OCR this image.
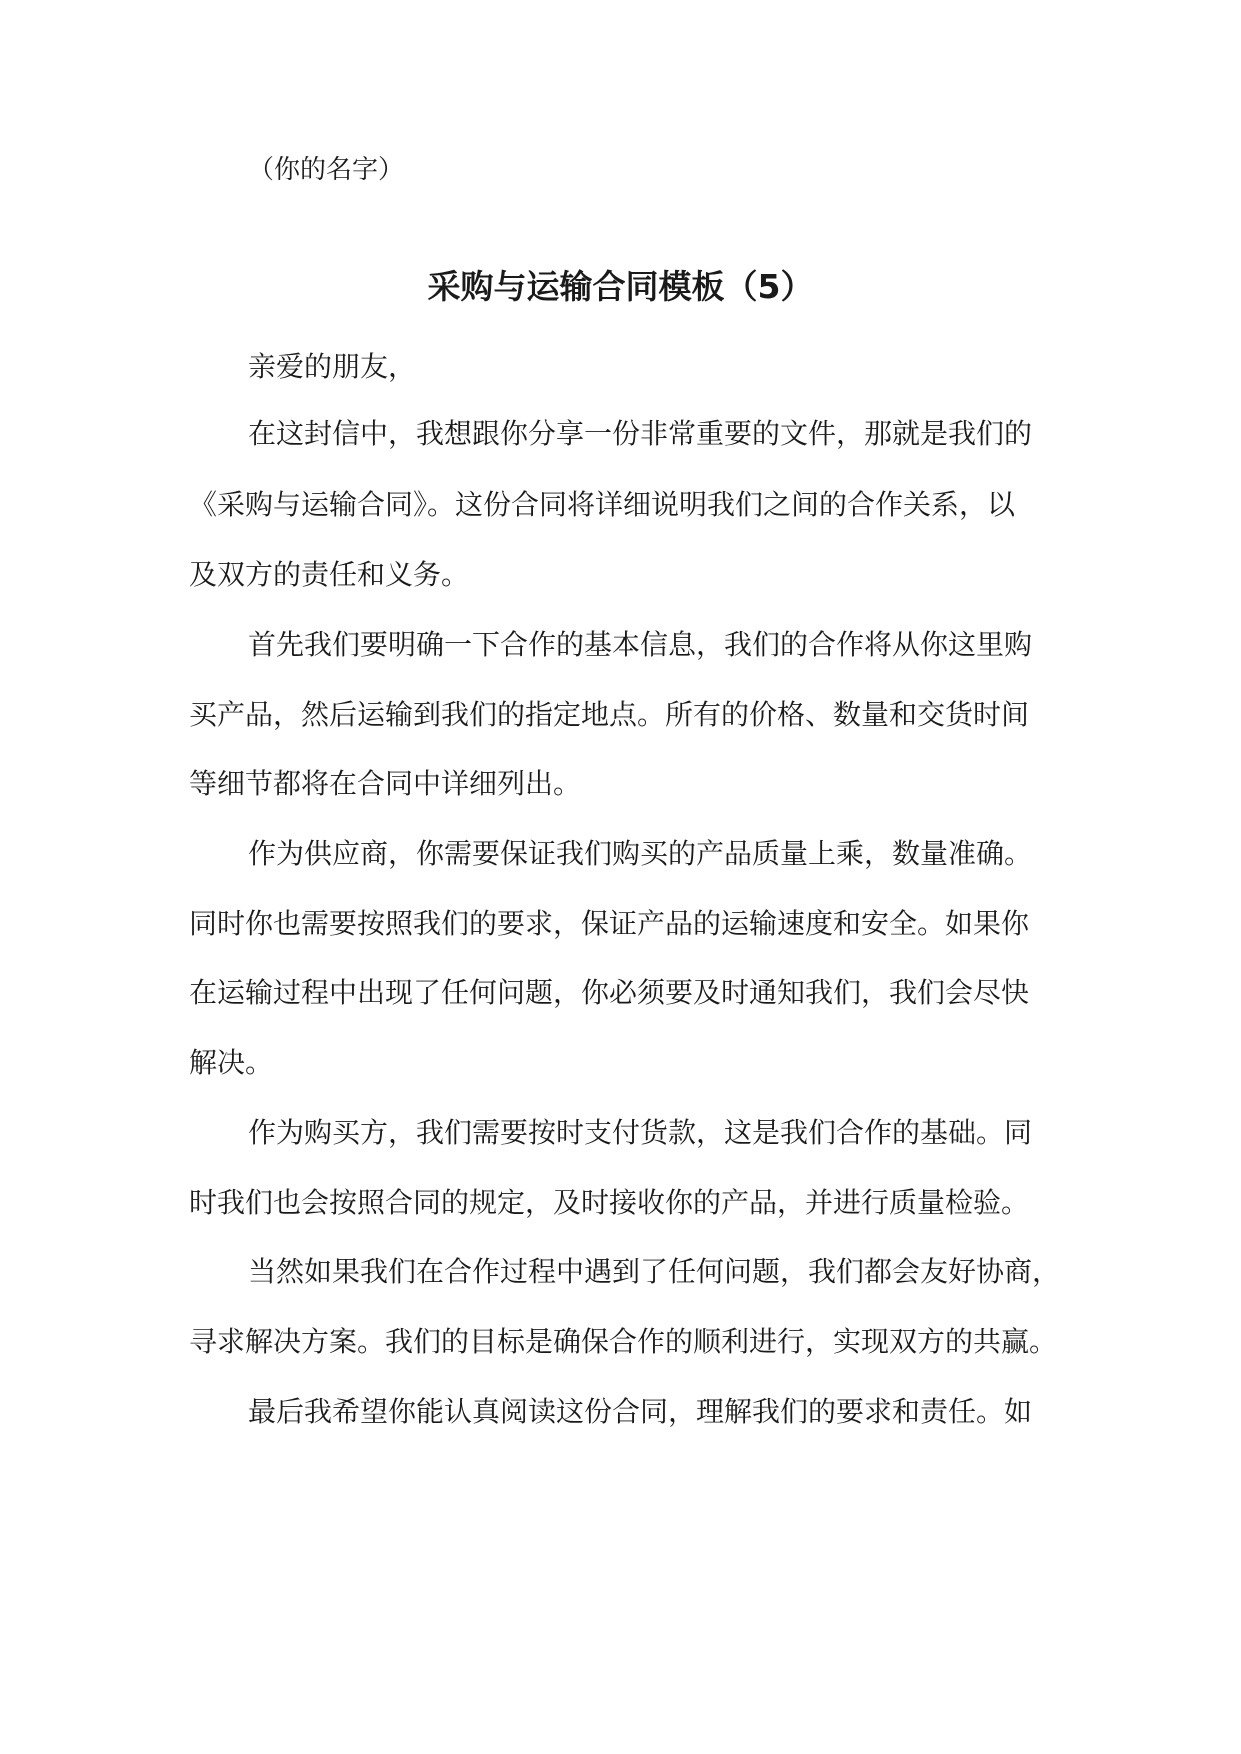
（你的名字）
采购与运输合同模板（5）
亲爱的朋友，
在这封信中，我想跟你分享一份非常重要的文件，那就是我们的
《采购与运输合同》。这份合同将详细说明我们之间的合作关系，以
及双方的责任和义务。
首先我们要明确一下合作的基本信息，我们的合作将从你这里购
买产品，然后运输到我们的指定地点。所有的价格、数量和交货时间
等细节都将在合同中详细列出。
作为供应商，你需要保证我们购买的产品质量上乘，数量准确。
同时你也需要按照我们的要求，保证产品的运输速度和安全。如果你
在运输过程中出现了任何问题，你必须要及时通知我们，我们会尽快
解决。
作为购买方，我们需要按时支付货款，这是我们合作的基础。同
时我们也会按照合同的规定，及时接收你的产品，并进行质量检验。
当然如果我们在合作过程中遇到了任何问题，我们都会友好协商，
寻求解决方案。我们的目标是确保合作的顺利进行，实现双方的共赢。
最后我希望你能认真阅读这份合同，理解我们的要求和责任。如
